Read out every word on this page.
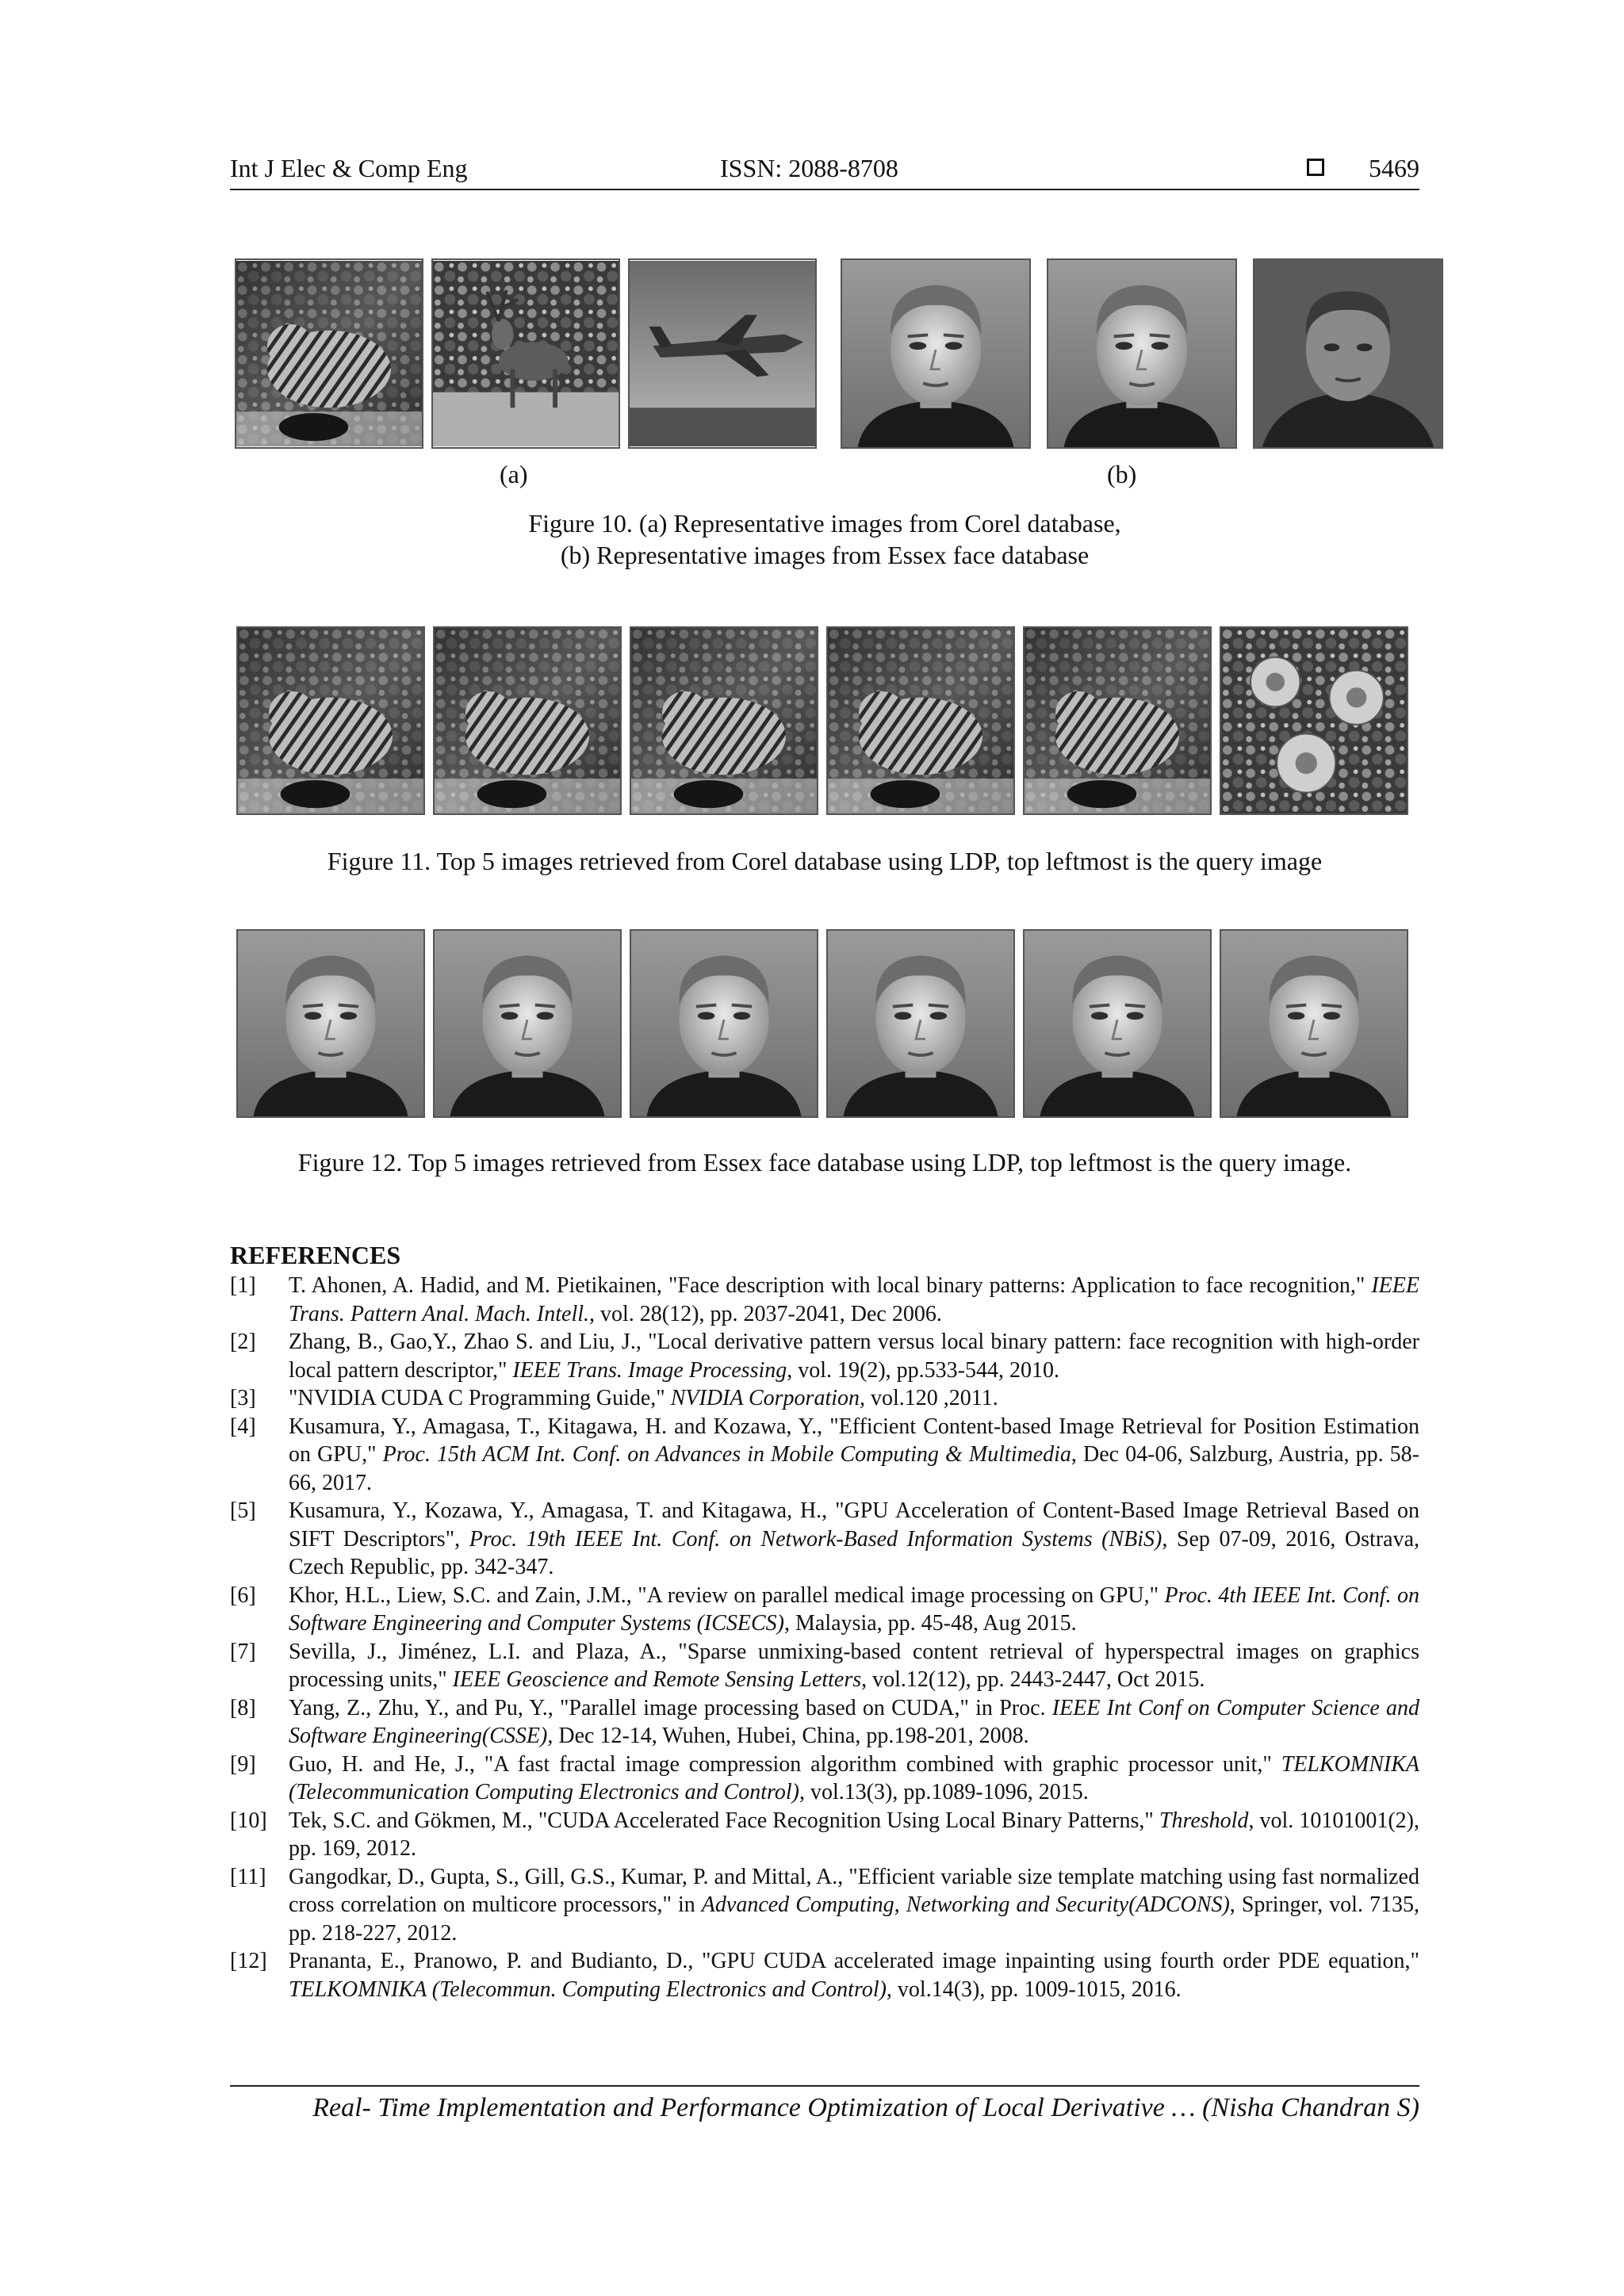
Int J Elec & Comp Eng	ISSN: 2088-8708	5469
(a)	(b)
Figure 10. (a) Representative images from Corel database,
(b) Representative images from Essex face database
Figure 11. Top 5 images retrieved from Corel database using LDP, top leftmost is the query image
Figure 12. Top 5 images retrieved from Essex face database using LDP, top leftmost is the query image.
REFERENCES
[1] T. Ahonen, A. Hadid, and M. Pietikainen, "Face description with local binary patterns: Application to face recognition," IEEE Trans. Pattern Anal. Mach. Intell., vol. 28(12), pp. 2037-2041, Dec 2006.
[2] Zhang, B., Gao,Y., Zhao S. and Liu, J., "Local derivative pattern versus local binary pattern: face recognition with high-order local pattern descriptor," IEEE Trans. Image Processing, vol. 19(2), pp.533-544, 2010.
[3] "NVIDIA CUDA C Programming Guide," NVIDIA Corporation, vol.120 ,2011.
[4] Kusamura, Y., Amagasa, T., Kitagawa, H. and Kozawa, Y., "Efficient Content-based Image Retrieval for Position Estimation on GPU," Proc. 15th ACM Int. Conf. on Advances in Mobile Computing & Multimedia, Dec 04-06, Salzburg, Austria, pp. 58-66, 2017.
[5] Kusamura, Y., Kozawa, Y., Amagasa, T. and Kitagawa, H., "GPU Acceleration of Content-Based Image Retrieval Based on SIFT Descriptors", Proc. 19th IEEE Int. Conf. on Network-Based Information Systems (NBiS), Sep 07-09, 2016, Ostrava, Czech Republic, pp. 342-347.
[6] Khor, H.L., Liew, S.C. and Zain, J.M., "A review on parallel medical image processing on GPU," Proc. 4th IEEE Int. Conf. on Software Engineering and Computer Systems (ICSECS), Malaysia, pp. 45-48, Aug 2015.
[7] Sevilla, J., Jiménez, L.I. and Plaza, A., "Sparse unmixing-based content retrieval of hyperspectral images on graphics processing units," IEEE Geoscience and Remote Sensing Letters, vol.12(12), pp. 2443-2447, Oct 2015.
[8] Yang, Z., Zhu, Y., and Pu, Y., "Parallel image processing based on CUDA," in Proc. IEEE Int Conf on Computer Science and Software Engineering(CSSE), Dec 12-14, Wuhen, Hubei, China, pp.198-201, 2008.
[9] Guo, H. and He, J., "A fast fractal image compression algorithm combined with graphic processor unit," TELKOMNIKA (Telecommunication Computing Electronics and Control), vol.13(3), pp.1089-1096, 2015.
[10] Tek, S.C. and Gökmen, M., "CUDA Accelerated Face Recognition Using Local Binary Patterns," Threshold, vol. 10101001(2), pp. 169, 2012.
[11] Gangodkar, D., Gupta, S., Gill, G.S., Kumar, P. and Mittal, A., "Efficient variable size template matching using fast normalized cross correlation on multicore processors," in Advanced Computing, Networking and Security(ADCONS), Springer, vol. 7135, pp. 218-227, 2012.
[12] Prananta, E., Pranowo, P. and Budianto, D., "GPU CUDA accelerated image inpainting using fourth order PDE equation," TELKOMNIKA (Telecommun. Computing Electronics and Control), vol.14(3), pp. 1009-1015, 2016.
Real- Time Implementation and Performance Optimization of Local Derivative … (Nisha Chandran S)
